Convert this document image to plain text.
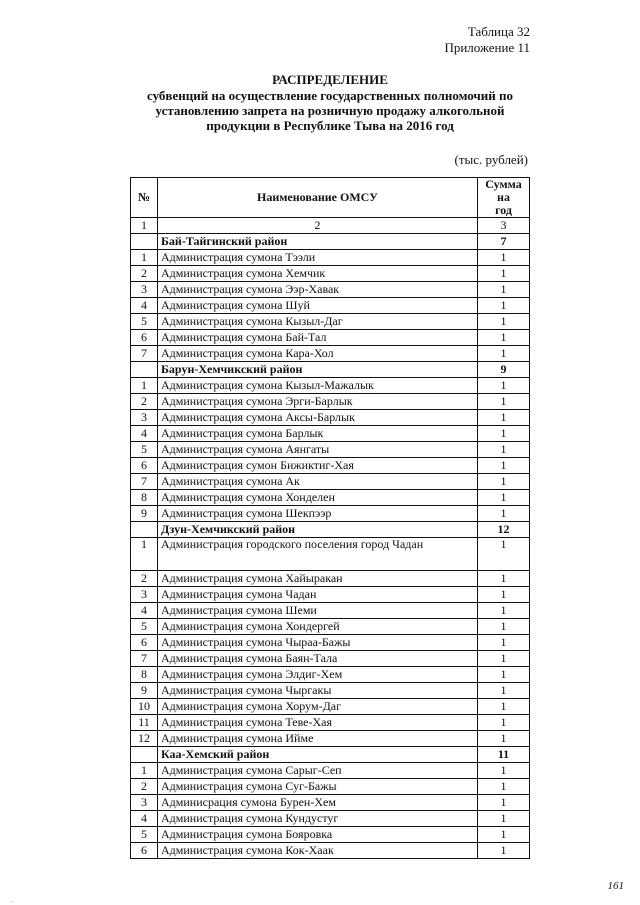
Таблица 32
Приложение 11
РАСПРЕДЕЛЕНИЕ
субвенций на осуществление государственных полномочий по
установлению запрета на розничную продажу алкогольной
продукции в Республике Тыва на 2016 год
(тыс. рублей)
№	Наименование ОМСУ	Сумма на
год
1	2	3
	Бай-Тайгинский район	7
1	Администрация сумона Тээли	1
2	Администрация сумона Хемчик	1
3	Администрация сумона Ээр-Хавак	1
4	Администрация сумона Шуй	1
5	Администрация сумона Кызыл-Даг	1
6	Администрация сумона Бай-Тал	1
7	Администрация сумона Кара-Хол	1
	Барун-Хемчикский район	9
1	Администрация сумона Кызыл-Мажалык	1
2	Администрация сумона Эрги-Барлык	1
3	Администрация сумона Аксы-Барлык	1
4	Администрация сумона Барлык	1
5	Администрация сумона Аянгаты	1
6	Администрация сумон Бижиктиг-Хая	1
7	Администрация сумона Ак	1
8	Администрация сумона Хонделен	1
9	Администрация сумона Шекпээр	1
	Дзун-Хемчикский район	12
1	Администрация городского поселения город Чадан	1
2	Администрация сумона Хайыракан	1
3	Администрация сумона Чадан	1
4	Администрация сумона Шеми	1
5	Администрация сумона Хондергей	1
6	Администрация сумона Чыраа-Бажы	1
7	Администрация сумона Баян-Тала	1
8	Администрация сумона Элдиг-Хем	1
9	Администрация сумона Чыргакы	1
10	Администрация сумона Хорум-Даг	1
11	Администрация сумона Теве-Хая	1
12	Администрация сумона Ийме	1
	Каа-Хемский район	11
1	Администрация сумона Сарыг-Сеп	1
2	Администрация сумона Суг-Бажы	1
3	Админисрация сумона Бурен-Хем	1
4	Администрация сумона Кундустуг	1
5	Администрация сумона Бояровка	1
6	Администрация сумона Кок-Хаак	1
161
.
